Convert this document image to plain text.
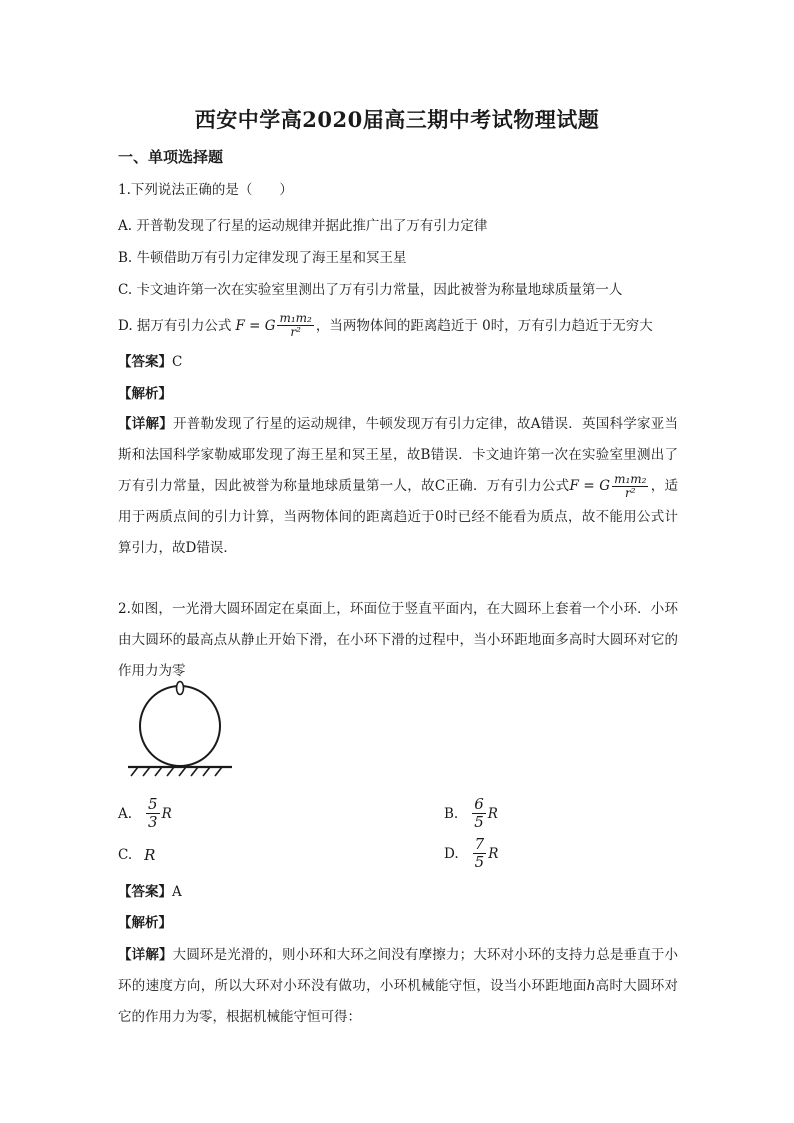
西安中学高2020届高三期中考试物理试题
一、单项选择题
1.下列说法正确的是（　　）
A. 开普勒发现了行星的运动规律并据此推广出了万有引力定律
B. 牛顿借助万有引力定律发现了海王星和冥王星
C. 卡文迪许第一次在实验室里测出了万有引力常量，因此被誉为称量地球质量第一人
D. 据万有引力公式 F = G $\frac{\text{m₁m₂}}{\text{r²}}$ ，当两物体间的距离趋近于 0时，万有引力趋近于无穷大
【答案】C
【解析】
【详解】开普勒发现了行星的运动规律，牛顿发现万有引力定律，故A错误．英国科学家亚当斯和法国科学家勒威耶发现了海王星和冥王星，故B错误．卡文迪许第一次在实验室里测出了万有引力常量，因此被誉为称量地球质量第一人，故C正确．万有引力公式F = G $\frac{\text{m₁m₂}}{\text{r²}}$ ，适用于两质点间的引力计算，当两物体间的距离趋近于0时已经不能看为质点，故不能用公式计算引力，故D错误．
2.如图，一光滑大圆环固定在桌面上，环面位于竖直平面内，在大圆环上套着一个小环．小环由大圆环的最高点从静止开始下滑，在小环下滑的过程中，当小环距地面多高时大圆环对它的作用力为零
A. $\frac{5}{3}$ R	B. $\frac{6}{5}$ R
C. R	D. $\frac{7}{5}$ R
【答案】A
【解析】
【详解】大圆环是光滑的，则小环和大环之间没有摩擦力；大环对小环的支持力总是垂直于小环的速度方向，所以大环对小环没有做功，小环机械能守恒，设当小环距地面h高时大圆环对它的作用力为零，根据机械能守恒可得：
